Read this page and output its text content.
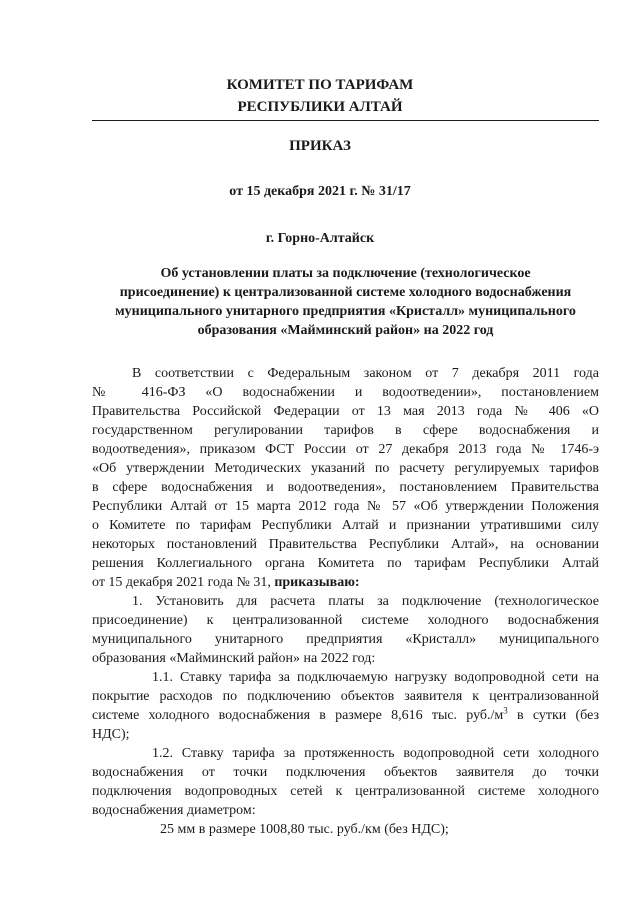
КОМИТЕТ ПО ТАРИФАМ
РЕСПУБЛИКИ АЛТАЙ
ПРИКАЗ
от 15 декабря 2021 г. № 31/17
г. Горно-Алтайск
Об установлении платы за подключение (технологическое
присоединение) к централизованной системе холодного водоснабжения
муниципального унитарного предприятия «Кристалл» муниципального
образования «Майминский район» на 2022 год
В соответствии с Федеральным законом от 7 декабря 2011 года
№ 416-ФЗ «О водоснабжении и водоотведении», постановлением
Правительства Российской Федерации от 13 мая 2013 года № 406 «О
государственном регулировании тарифов в сфере водоснабжения и
водоотведения», приказом ФСТ России от 27 декабря 2013 года № 1746-э
«Об утверждении Методических указаний по расчету регулируемых тарифов
в сфере водоснабжения и водоотведения», постановлением Правительства
Республики Алтай от 15 марта 2012 года № 57 «Об утверждении Положения
о Комитете по тарифам Республики Алтай и признании утратившими силу
некоторых постановлений Правительства Республики Алтай», на основании
решения Коллегиального органа Комитета по тарифам Республики Алтай
от 15 декабря 2021 года № 31, приказываю:
1. Установить для расчета платы за подключение (технологическое
присоединение) к централизованной системе холодного водоснабжения
муниципального унитарного предприятия «Кристалл» муниципального
образования «Майминский район» на 2022 год:
1.1. Ставку тарифа за подключаемую нагрузку водопроводной сети на
покрытие расходов по подключению объектов заявителя к централизованной
системе холодного водоснабжения в размере 8,616 тыс. $руб./м^3$ в сутки (без
НДС);
1.2. Ставку тарифа за протяженность водопроводной сети холодного
водоснабжения от точки подключения объектов заявителя до точки
подключения водопроводных сетей к централизованной системе холодного
водоснабжения диаметром:
25 мм в размере 1008,80 тыс. руб./км (без НДС);
